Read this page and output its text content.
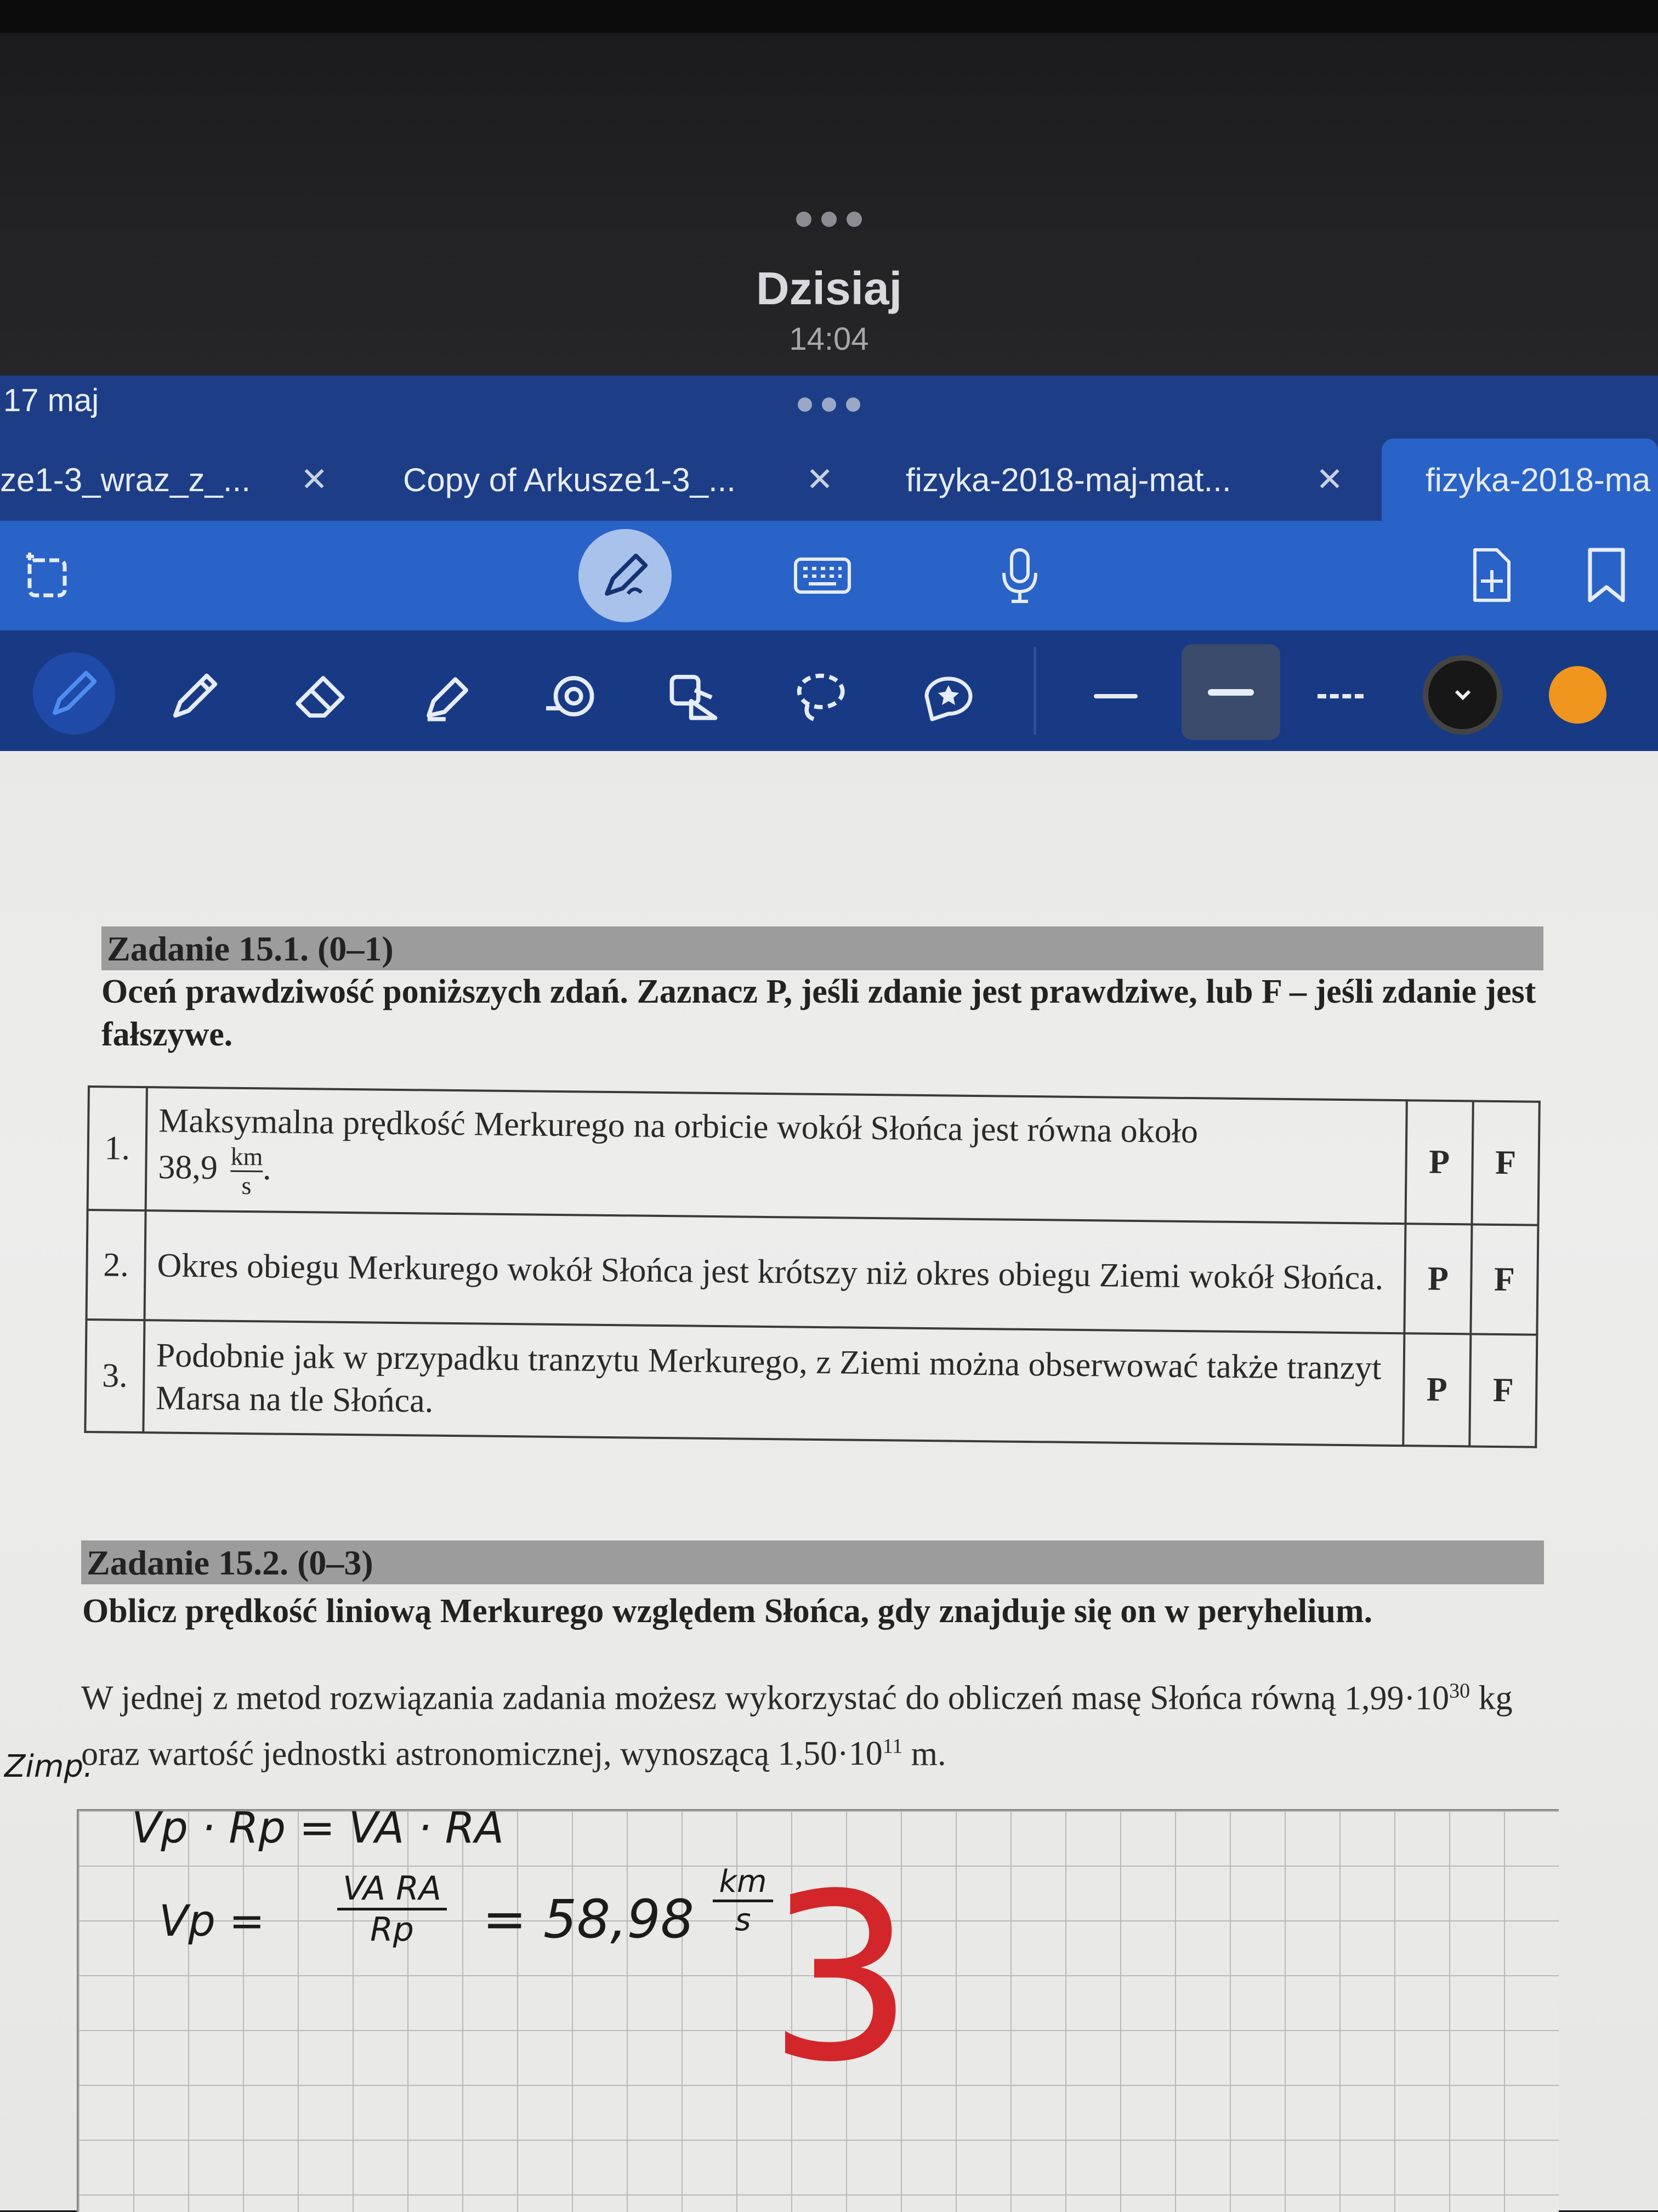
Dzisiaj
14:04
17 maj
ze1-3_wraz_z_... ✕ Copy of Arkusze1-3_... ✕ fizyka-2018-maj-mat...	✕ fizyka-2018-ma
Zadanie 15.1. (0–1)
Oceń prawdziwość poniższych zdań. Zaznacz P, jeśli zdanie jest prawdziwe, lub F – jeśli zdanie jest fałszywe.
1.	Maksymalna prędkość Merkurego na orbicie wokół Słońca jest równa około
$38,9 \frac{km}{s}$ .	P	F
2.	Okres obiegu Merkurego wokół Słońca jest krótszy niż okres obiegu Ziemi wokół Słońca.	P	F
3.	Podobnie jak w przypadku tranzytu Merkurego, z Ziemi można obserwować także tranzyt Marsa na tle Słońca.	P	F
Zadanie 15.2. (0–3)
Oblicz prędkość liniową Merkurego względem Słońca, gdy znajduje się on w peryhelium.
W jednej z metod rozwiązania zadania możesz wykorzystać do obliczeń masę Słońca równą $1,99\cdot 10^{30}$ kg oraz wartość jednostki astronomicznej, wynoszącą $1,50\cdot 10^{11}$ m.
Zimp.
Vp · Rp = VA · RA
Vp =
VA RA
Rp	= 58,98
km
s 3
